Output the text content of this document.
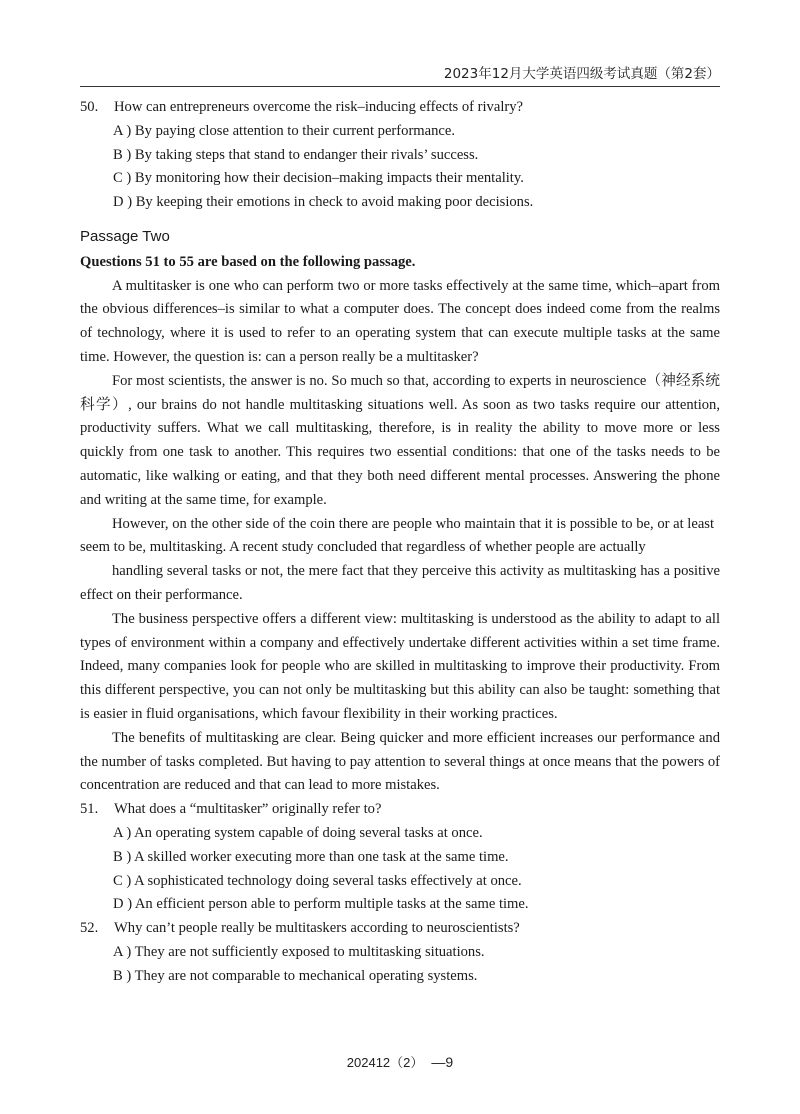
2023年12月大学英语四级考试真题（第2套）

50. How can entrepreneurs overcome the risk–inducing effects of rivalry?

A ) By paying close attention to their current performance.

B ) By taking steps that stand to endanger their rivals’ success.

C ) By monitoring how their decision–making impacts their mentality.

D ) By keeping their emotions in check to avoid making poor decisions.

Passage Two

Questions 51 to 55 are based on the following passage.

A multitasker is one who can perform two or more tasks effectively at the same time, which–apart from the obvious differences–is similar to what a computer does. The concept does indeed come from the realms of technology, where it is used to refer to an operating system that can execute multiple tasks at the same time. However, the question is: can a person really be a multitasker?

For most scientists, the answer is no. So much so that, according to experts in neuroscience（神经系统科学）, our brains do not handle multitasking situations well. As soon as two tasks require our attention, productivity suffers. What we call multitasking, therefore, is in reality the ability to move more or less quickly from one task to another. This requires two essential conditions: that one of the tasks needs to be automatic, like walking or eating, and that they both need different mental processes. Answering the phone and writing at the same time, for example.

However, on the other side of the coin there are people who maintain that it is possible to be, or at least seem to be, multitasking. A recent study concluded that regardless of whether people are actually

handling several tasks or not, the mere fact that they perceive this activity as multitasking has a positive effect on their performance.

The business perspective offers a different view: multitasking is understood as the ability to adapt to all types of environment within a company and effectively undertake different activities within a set time frame. Indeed, many companies look for people who are skilled in multitasking to improve their productivity. From this different perspective, you can not only be multitasking but this ability can also be taught: something that is easier in fluid organisations, which favour flexibility in their working practices.

The benefits of multitasking are clear. Being quicker and more efficient increases our performance and the number of tasks completed. But having to pay attention to several things at once means that the powers of concentration are reduced and that can lead to more mistakes.

51. What does a “multitasker” originally refer to?

A ) An operating system capable of doing several tasks at once.

B ) A skilled worker executing more than one task at the same time.

C ) A sophisticated technology doing several tasks effectively at once.

D ) An efficient person able to perform multiple tasks at the same time.

52. Why can’t people really be multitaskers according to neuroscientists?

A ) They are not sufficiently exposed to multitasking situations.

B ) They are not comparable to mechanical operating systems.

202412（2） —9
